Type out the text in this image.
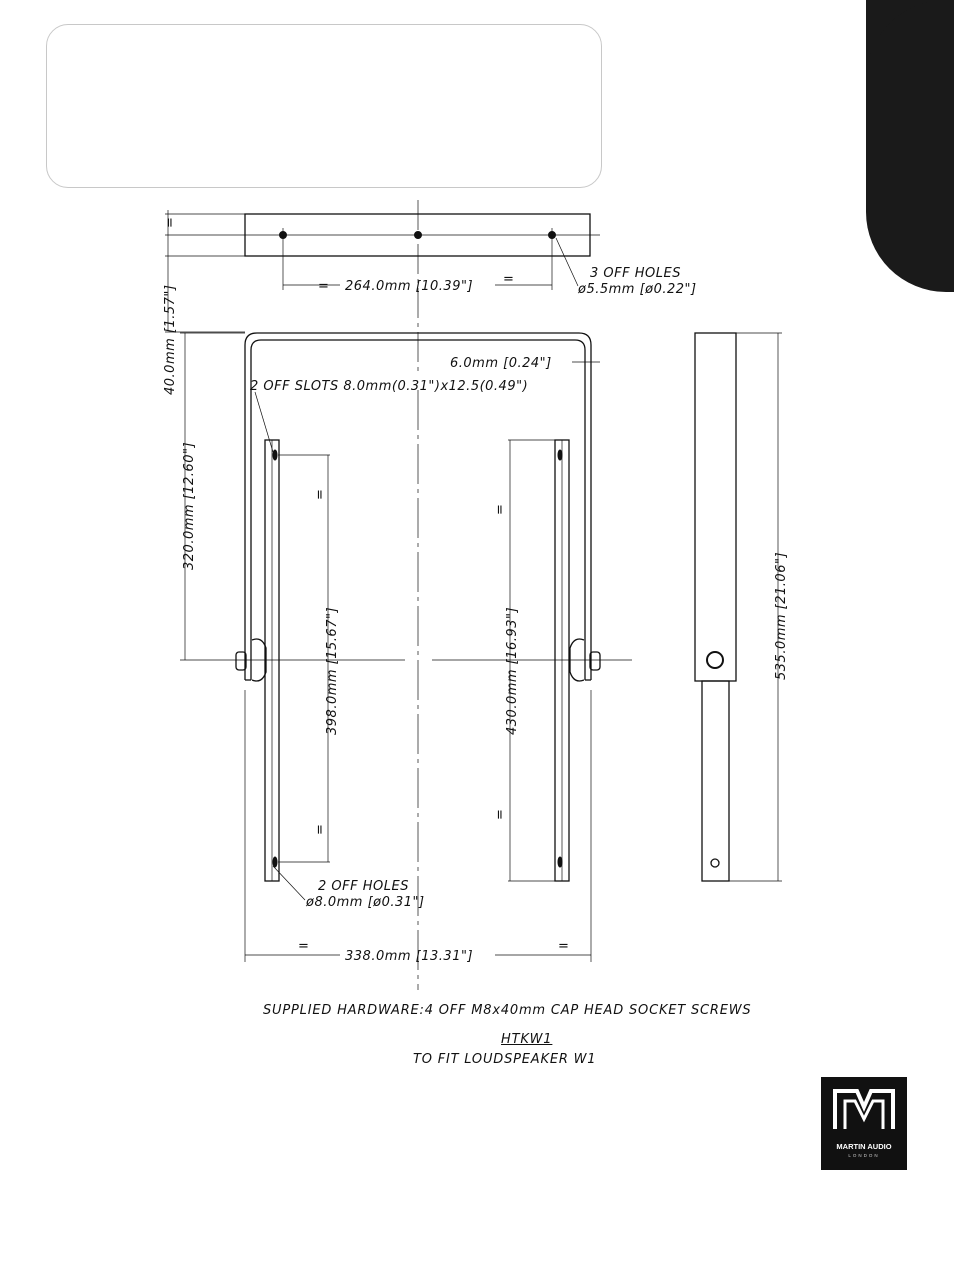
= 264.0mm [10.39"] =	3 OFF HOLES
ø5.5mm [ø0.22"]
6.0mm [0.24"]
2 OFF SLOTS 8.0mm(0.31")x12.5(0.49")
40.0mm [1.57"]
=
320.0mm [12.60"]
398.0mm [15.67"]
=
=
430.0mm [16.93"]
=
=
535.0mm [21.06"]
2 OFF HOLES
ø8.0mm [ø0.31"]
=
338.0mm [13.31"]
=
SUPPLIED HARDWARE:4 OFF M8x40mm CAP HEAD SOCKET SCREWS
HTKW1
TO FIT LOUDSPEAKER W1
MARTIN AUDIO
LONDON
